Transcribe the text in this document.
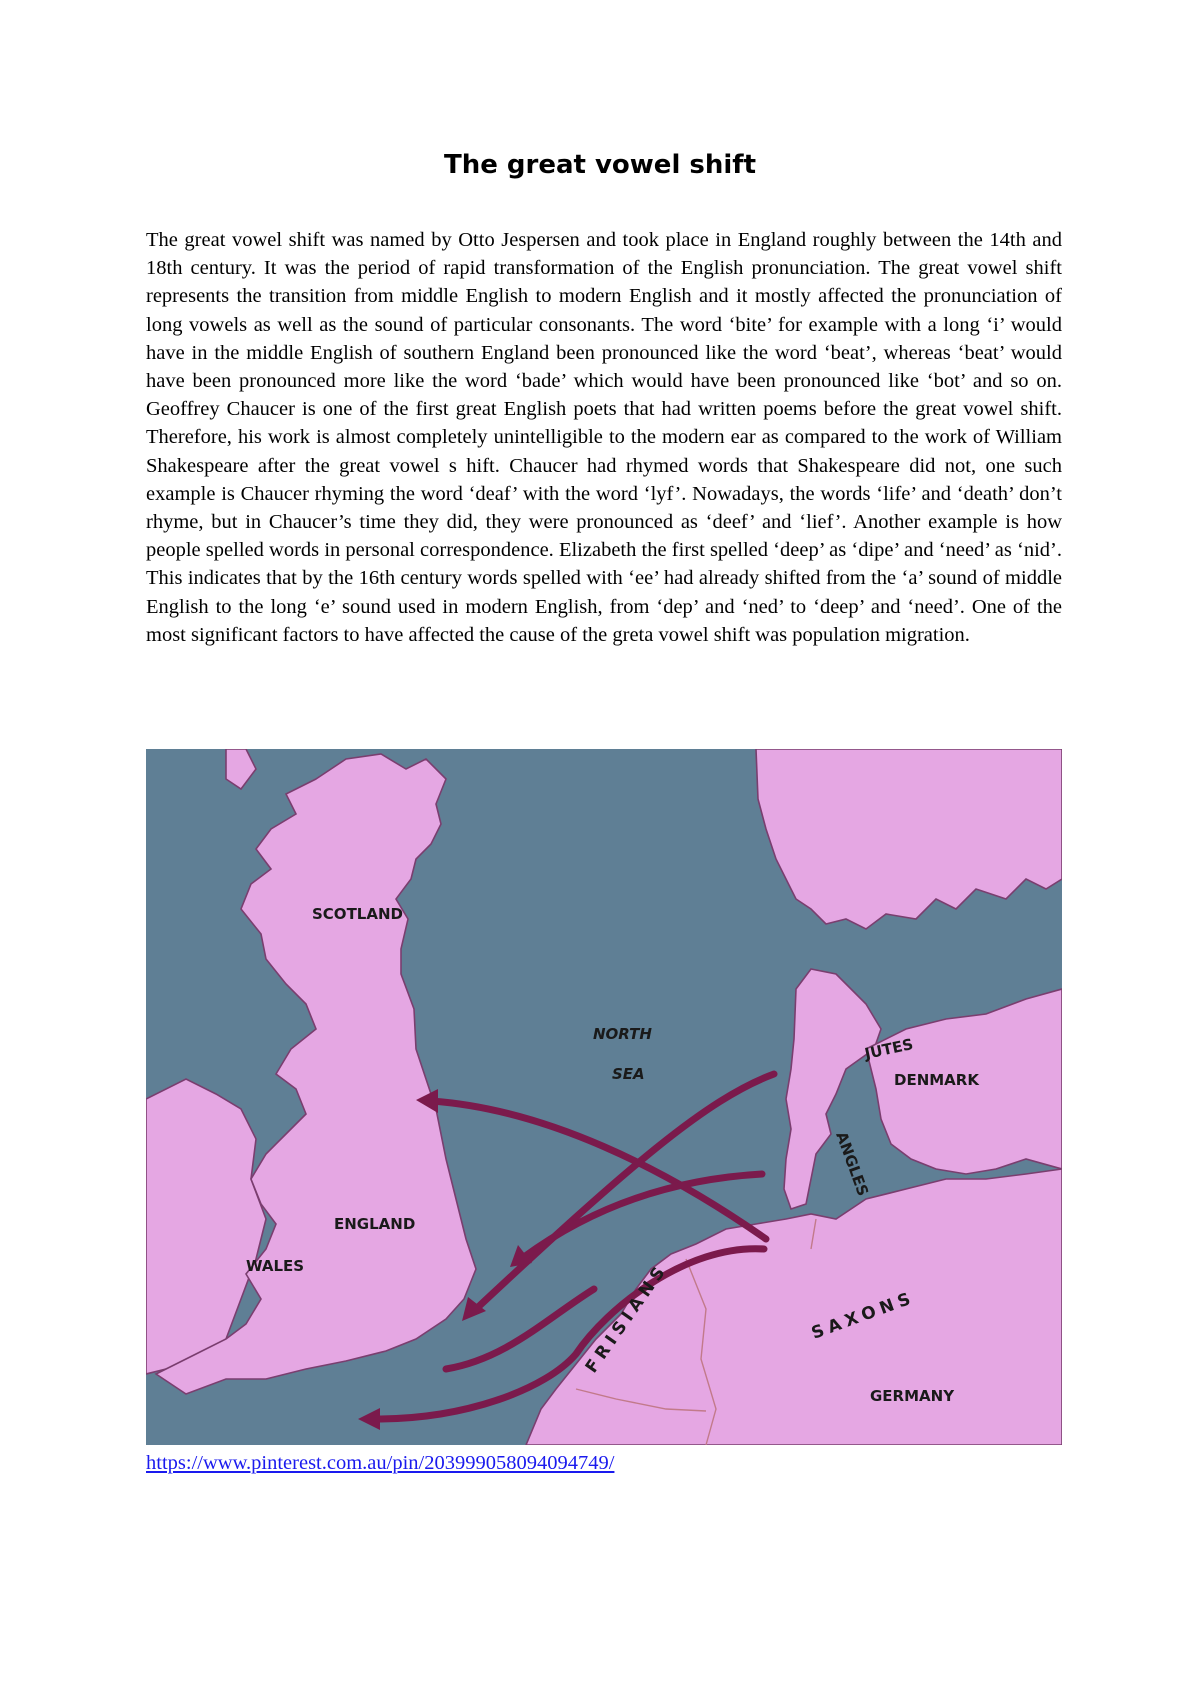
The great vowel shift

The great vowel shift was named by Otto Jespersen and took place in England roughly between the 14th and 18th century. It was the period of rapid transformation of the English pronunciation. The great vowel shift represents the transition from middle English to modern English and it mostly affected the pronunciation of long vowels as well as the sound of particular consonants. The word ‘bite’ for example with a long ‘i’ would have in the middle English of southern England been pronounced like the word ‘beat’, whereas ‘beat’ would have been pronounced more like the word ‘bade’ which would have been pronounced like ‘bot’ and so on. Geoffrey Chaucer is one of the first great English poets that had written poems before the great vowel shift. Therefore, his work is almost completely unintelligible to the modern ear as compared to the work of William Shakespeare after the great vowel s hift. Chaucer had rhymed words that Shakespeare did not, one such example is Chaucer rhyming the word ‘deaf’ with the word ‘lyf’. Nowadays, the words ‘life’ and ‘death’ don’t rhyme, but in Chaucer’s time they did, they were pronounced as ‘deef’ and ‘lief’. Another example is how people spelled words in personal correspondence. Elizabeth the first spelled ‘deep’ as ‘dipe’ and ‘need’ as ‘nid’. This indicates that by the 16th century words spelled with ‘ee’ had already shifted from the ‘a’ sound of middle English to the long ‘e’ sound used in modern English, from ‘dep’ and ‘ned’ to ‘deep’ and ‘need’. One of the most significant factors to have affected the cause of the greta vowel shift was population migration.

SCOTLAND
ENGLAND
WALES
NORTH
SEA
JUTES
DENMARK
ANGLES
FRISIANS	SAXONS
GERMANY
https://www.pinterest.com.au/pin/203999058094094749/
